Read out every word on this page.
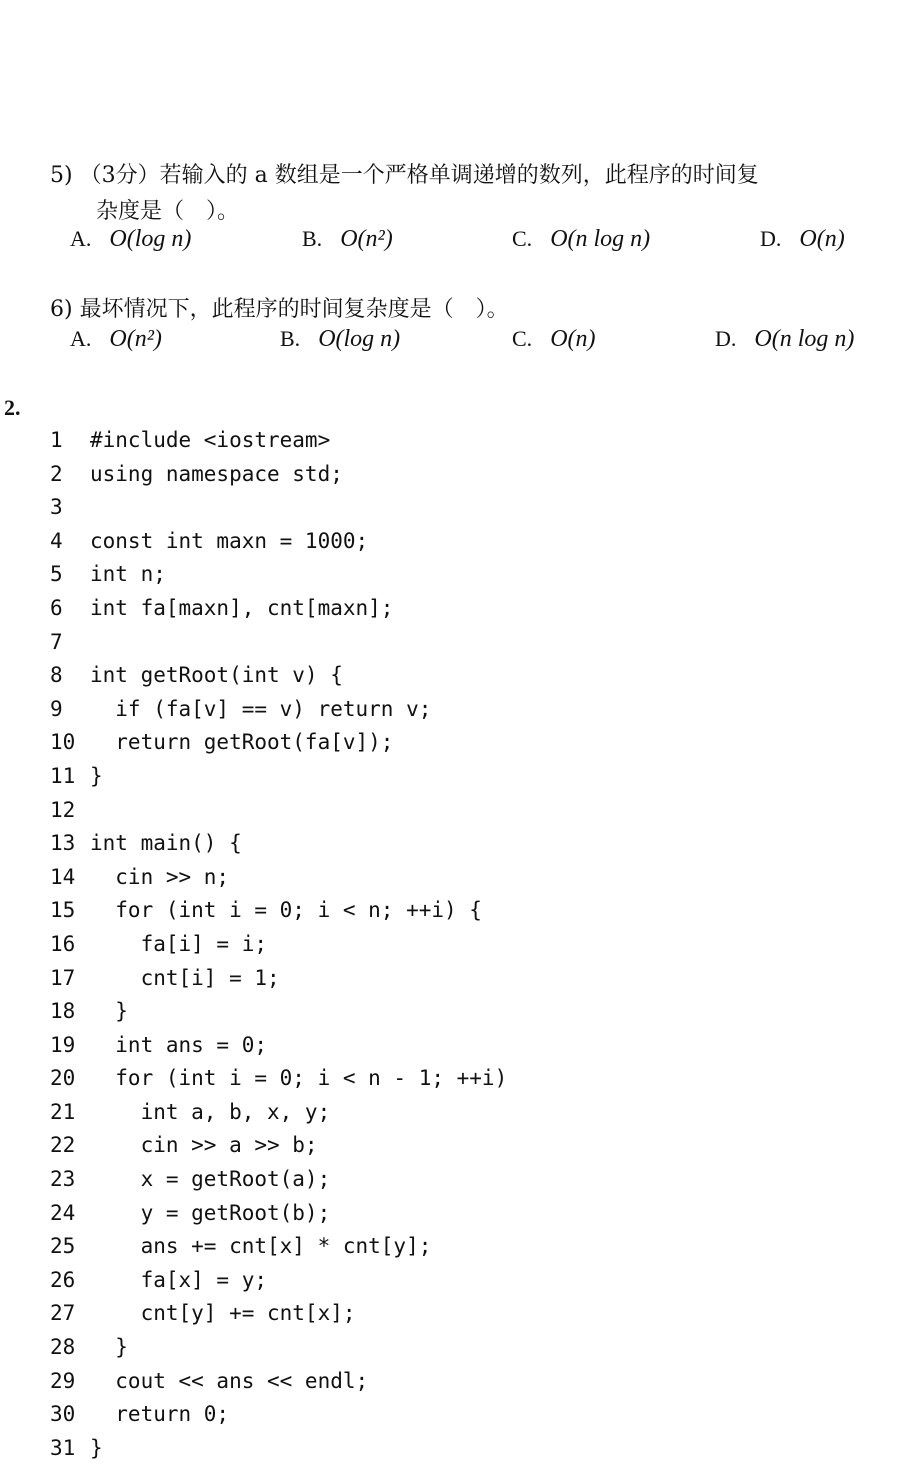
5) （3分）若输入的 a 数组是一个严格单调递增的数列，此程序的时间复
杂度是（　）。
A. O(log n)	B. O(n²)	C. O(n log n)	D. O(n)
6) 最坏情况下，此程序的时间复杂度是（　）。
A. O(n²)	B. O(log n)	C. O(n)	D. O(n log n)
2.
1 #include <iostream>
2 using namespace std;
3
4 const int maxn = 1000;
5 int n;
6 int fa[maxn], cnt[maxn];
7
8 int getRoot(int v) {
9  if (fa[v] == v) return v;
10  return getRoot(fa[v]);
11 }
12
13 int main() {
14  cin >> n;
15  for (int i = 0; i < n; ++i) {
16    fa[i] = i;
17    cnt[i] = 1;
18  }
19  int ans = 0;
20  for (int i = 0; i < n - 1; ++i)
21    int a, b, x, y;
22    cin >> a >> b;
23    x = getRoot(a);
24    y = getRoot(b);
25    ans += cnt[x] * cnt[y];
26    fa[x] = y;
27    cnt[y] += cnt[x];
28  }
29  cout << ans << endl;
30  return 0;
31 }
